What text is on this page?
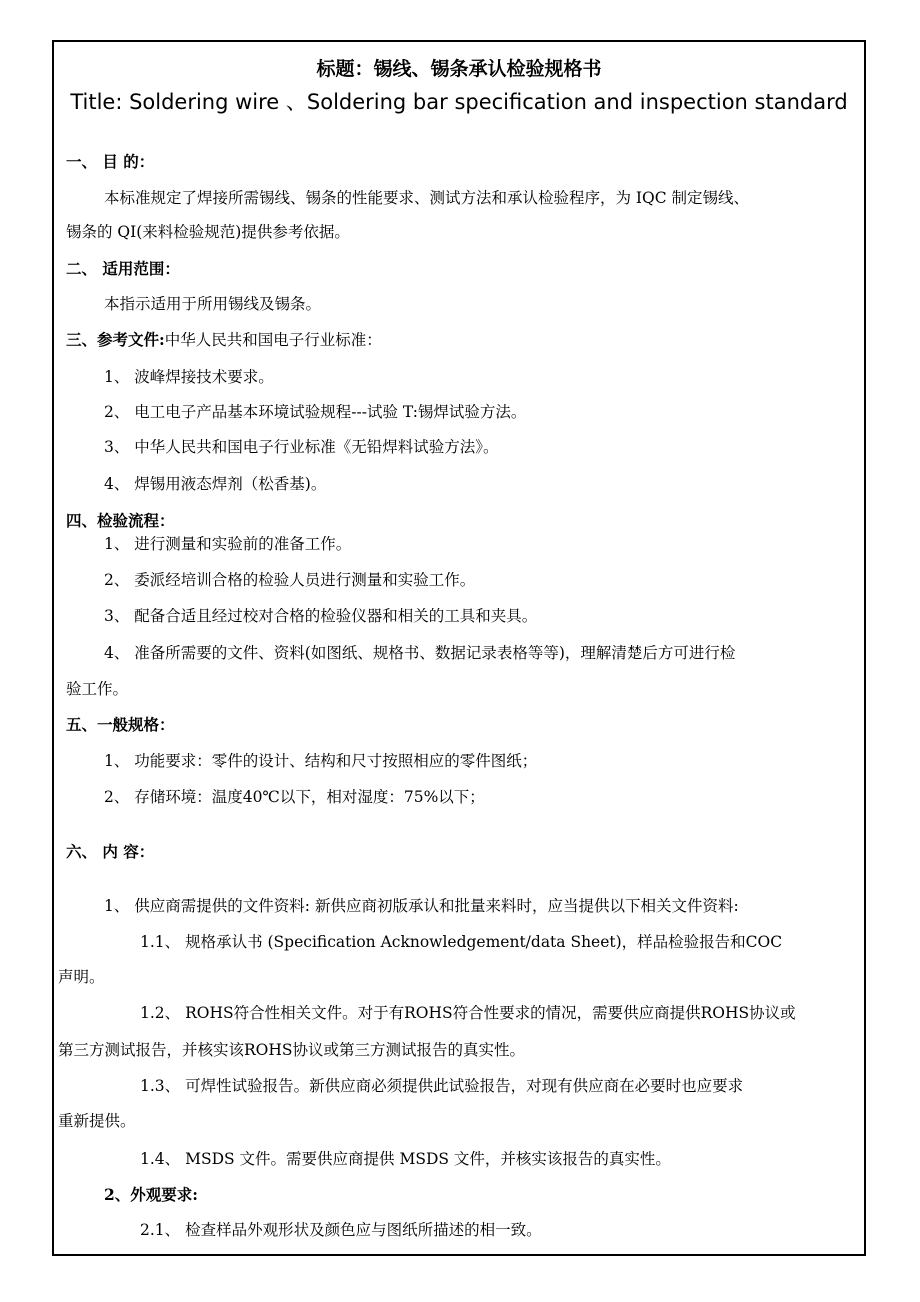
标题：锡线、锡条承认检验规格书
Title: Soldering wire 、Soldering bar specification and inspection standard
一、 目 的：
本标准规定了焊接所需锡线、锡条的性能要求、测试方法和承认检验程序，为 IQC 制定锡线、
锡条的 QI(来料检验规范)提供参考依据。
二、 适用范围：
本指示适用于所用锡线及锡条。
三、参考文件:中华人民共和国电子行业标准：
1、 波峰焊接技术要求。
2、 电工电子产品基本环境试验规程---试验 T:锡焊试验方法。
3、 中华人民共和国电子行业标准《无铅焊料试验方法》。
4、 焊锡用液态焊剂（松香基)。
四、检验流程：
1、 进行测量和实验前的准备工作。
2、 委派经培训合格的检验人员进行测量和实验工作。
3、 配备合适且经过校对合格的检验仪器和相关的工具和夹具。
4、 准备所需要的文件、资料(如图纸、规格书、数据记录表格等等)，理解清楚后方可进行检
验工作。
五、一般规格：
1、 功能要求：零件的设计、结构和尺寸按照相应的零件图纸；
2、 存储环境：温度40℃以下，相对湿度：75%以下；
六、 内 容：
1、 供应商需提供的文件资料: 新供应商初版承认和批量来料时，应当提供以下相关文件资料:
1.1、 规格承认书 (Specification Acknowledgement/data Sheet)，样品检验报告和COC
声明。
1.2、 ROHS符合性相关文件。对于有ROHS符合性要求的情况，需要供应商提供ROHS协议或
第三方测试报告，并核实该ROHS协议或第三方测试报告的真实性。
1.3、 可焊性试验报告。新供应商必须提供此试验报告，对现有供应商在必要时也应要求
重新提供。
1.4、 MSDS 文件。需要供应商提供 MSDS 文件，并核实该报告的真实性。
2、外观要求:
2.1、 检查样品外观形状及颜色应与图纸所描述的相一致。
